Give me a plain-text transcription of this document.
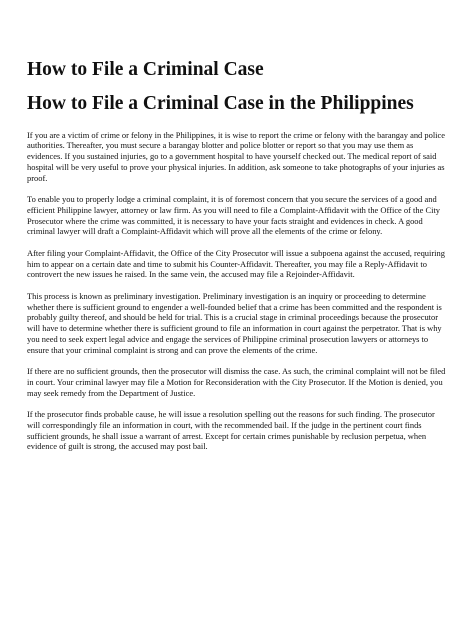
How to File a Criminal Case
How to File a Criminal Case in the Philippines

If you are a victim of crime or felony in the Philippines, it is wise to report the crime or felony with the barangay and police authorities. Thereafter, you must secure a barangay blotter and police blotter or report so that you may use them as evidences. If you sustained injuries, go to a government hospital to have yourself checked out. The medical report of said hospital will be very useful to prove your physical injuries. In addition, ask someone to take photographs of your injuries as proof.

To enable you to properly lodge a criminal complaint, it is of foremost concern that you secure the services of a good and efficient Philippine lawyer, attorney or law firm. As you will need to file a Complaint-Affidavit with the Office of the City Prosecutor where the crime was committed, it is necessary to have your facts straight and evidences in check. A good criminal lawyer will draft a Complaint-Affidavit which will prove all the elements of the crime or felony.

After filing your Complaint-Affidavit, the Office of the City Prosecutor will issue a subpoena against the accused, requiring him to appear on a certain date and time to submit his Counter-Affidavit. Thereafter, you may file a Reply-Affidavit to controvert the new issues he raised. In the same vein, the accused may file a Rejoinder-Affidavit.

This process is known as preliminary investigation. Preliminary investigation is an inquiry or proceeding to determine whether there is sufficient ground to engender a well-founded belief that a crime has been committed and the respondent is probably guilty thereof, and should be held for trial. This is a crucial stage in criminal proceedings because the prosecutor will have to determine whether there is sufficient ground to file an information in court against the perpetrator. That is why you need to seek expert legal advice and engage the services of Philippine criminal prosecution lawyers or attorneys to ensure that your criminal complaint is strong and can prove the elements of the crime.

If there are no sufficient grounds, then the prosecutor will dismiss the case. As such, the criminal complaint will not be filed in court. Your criminal lawyer may file a Motion for Reconsideration with the City Prosecutor. If the Motion is denied, you may seek remedy from the Department of Justice.

If the prosecutor finds probable cause, he will issue a resolution spelling out the reasons for such finding. The prosecutor will correspondingly file an information in court, with the recommended bail. If the judge in the pertinent court finds sufficient grounds, he shall issue a warrant of arrest. Except for certain crimes punishable by reclusion perpetua, when evidence of guilt is strong, the accused may post bail.
